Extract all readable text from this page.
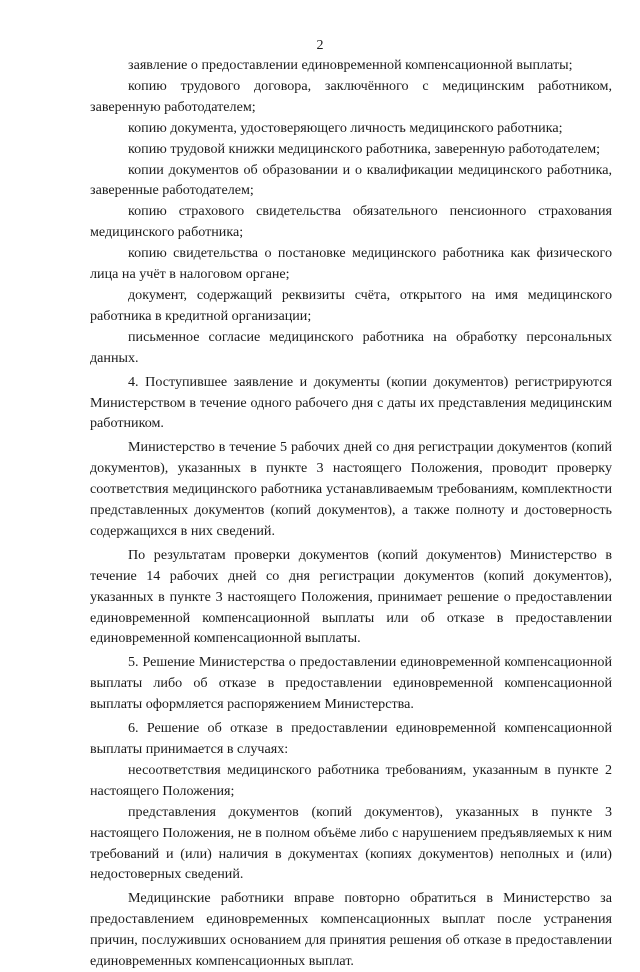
2

заявление о предоставлении единовременной компенсационной выплаты;

копию трудового договора, заключённого с медицинским работником, заверенную работодателем;

копию документа, удостоверяющего личность медицинского работника;

копию трудовой книжки медицинского работника, заверенную работодателем;

копии документов об образовании и о квалификации медицинского работника, заверенные работодателем;

копию страхового свидетельства обязательного пенсионного страхования медицинского работника;

копию свидетельства о постановке медицинского работника как физического лица на учёт в налоговом органе;

документ, содержащий реквизиты счёта, открытого на имя медицинского работника в кредитной организации;

письменное согласие медицинского работника на обработку персональных данных.

4. Поступившее заявление и документы (копии документов) регистрируются Министерством в течение одного рабочего дня с даты их представления медицинским работником.

Министерство в течение 5 рабочих дней со дня регистрации документов (копий документов), указанных в пункте 3 настоящего Положения, проводит проверку соответствия медицинского работника устанавливаемым требованиям, комплектности представленных документов (копий документов), а также полноту и достоверность содержащихся в них сведений.

По результатам проверки документов (копий документов) Министерство в течение 14 рабочих дней со дня регистрации документов (копий документов), указанных в пункте 3 настоящего Положения, принимает решение о предоставлении единовременной компенсационной выплаты или об отказе в предоставлении единовременной компенсационной выплаты.

5. Решение Министерства о предоставлении единовременной компенсационной выплаты либо об отказе в предоставлении единовременной компенсационной выплаты оформляется распоряжением Министерства.

6. Решение об отказе в предоставлении единовременной компенсационной выплаты принимается в случаях:

несоответствия медицинского работника требованиям, указанным в пункте 2 настоящего Положения;

представления документов (копий документов), указанных в пункте 3 настоящего Положения, не в полном объёме либо с нарушением предъявляемых к ним требований и (или) наличия в документах (копиях документов) неполных и (или) недостоверных сведений.

Медицинские работники вправе повторно обратиться в Министерство за предоставлением единовременных компенсационных выплат после устранения причин, послуживших основанием для принятия решения об отказе в предоставлении единовременных компенсационных выплат.
